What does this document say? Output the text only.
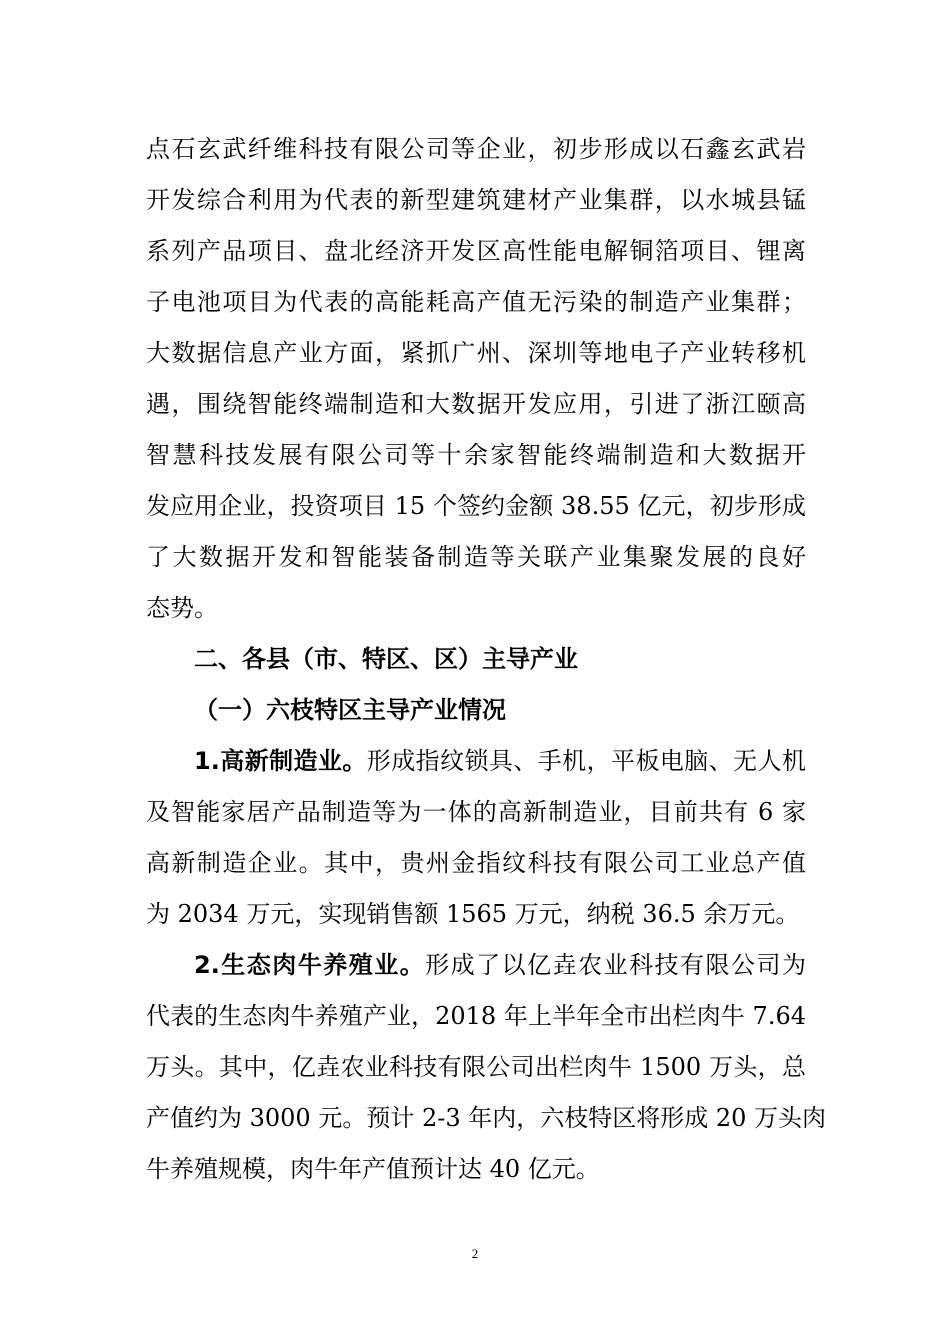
点石玄武纤维科技有限公司等企业，初步形成以石鑫玄武岩
开发综合利用为代表的新型建筑建材产业集群，以水城县锰
系列产品项目、盘北经济开发区高性能电解铜箔项目、锂离
子电池项目为代表的高能耗高产值无污染的制造产业集群；
大数据信息产业方面，紧抓广州、深圳等地电子产业转移机
遇，围绕智能终端制造和大数据开发应用，引进了浙江颐高
智慧科技发展有限公司等十余家智能终端制造和大数据开
发应用企业，投资项目 15 个签约金额 38.55 亿元，初步形成
了大数据开发和智能装备制造等关联产业集聚发展的良好
态势。
二、各县（市、特区、区）主导产业
（一）六枝特区主导产业情况
1.高新制造业。形成指纹锁具、手机，平板电脑、无人机
及智能家居产品制造等为一体的高新制造业，目前共有 6 家
高新制造企业。其中，贵州金指纹科技有限公司工业总产值
为 2034 万元，实现销售额 1565 万元，纳税 36.5 余万元。
2.生态肉牛养殖业。形成了以亿垚农业科技有限公司为
代表的生态肉牛养殖产业，2018 年上半年全市出栏肉牛 7.64
万头。其中，亿垚农业科技有限公司出栏肉牛 1500 万头，总
产值约为 3000 元。预计 2-3 年内，六枝特区将形成 20 万头肉
牛养殖规模，肉牛年产值预计达 40 亿元。
2
